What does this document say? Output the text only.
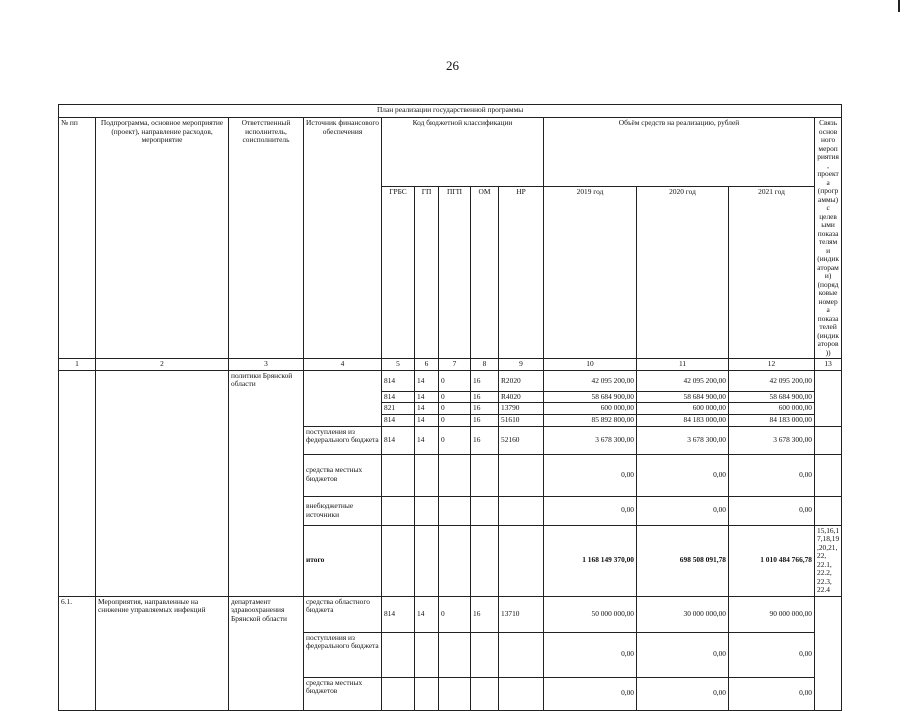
26
План реализации государственной программы												
№ пп	Подпрограмма, основное мероприятие (проект), направление расходов, мероприятие	Ответственный исполнитель, соисполнитель	Источник финансового обеспечения	Код бюджетной классификации					Объём средств на реализацию, рублей			Связь основного мероприятия, проекта (программы) с целевыми показателями (индикаторами) (порядковые номера показателей (индикаторов))
				ГРБС	ГП	ПГП	ОМ	НР	2019 год	2020 год	2021 год	
1	2	3	4	5	6	7	8	9	10	11	12	13
		политики Брянской области		814	14	0	16	R2020	42 095 200,00	42 095 200,00	42 095 200,00	
				814	14	0	16	R4020	58 684 900,00	58 684 900,00	58 684 900,00	
				821	14	0	16	13790	600 000,00	600 000,00	600 000,00	
				814	14	0	16	51610	85 892 800,00	84 183 000,00	84 183 000,00	
			поступления из федерального бюджета	814	14	0	16	52160	3 678 300,00	3 678 300,00	3 678 300,00	
			средства местных бюджетов						0,00	0,00	0,00	
			внебюджетные источники						0,00	0,00	0,00	
			итого						1 168 149 370,00	698 508 091,78	1 010 484 766,78	15,16,17,18,19,20,21, 22, 22.1, 22.2, 22.3, 22.4
6.1.	Мероприятия, направленные на снижение управляемых инфекций	департамент здравоохранения Брянской области	средства областного бюджета	814	14	0	16	13710	50 000 000,00	30 000 000,00	90 000 000,00	
			поступления из федерального бюджета						0,00	0,00	0,00	
			средства местных бюджетов						0,00	0,00	0,00	
